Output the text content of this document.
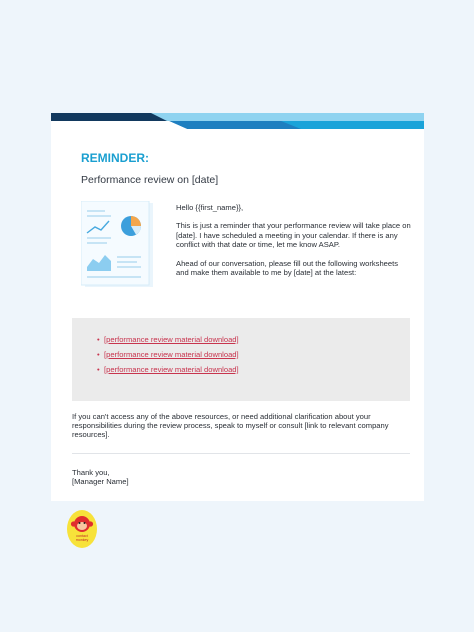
REMINDER:
Performance review on [date]

Hello {{first_name}},

This is just a reminder that your performance review will take place on [date]. I have scheduled a meeting in your calendar. If there is any conflict with that date or time, let me know ASAP.

Ahead of our conversation, please fill out the following worksheets and make them available to me by [date] at the latest:

• [performance review material download]
• [performance review material download]
• [performance review material download]
If you can't access any of the above resources, or need additional clarification about your responsibilities during the review process, speak to myself or consult [link to relevant company resources].
Thank you,
[Manager Name]
contact
monkey
